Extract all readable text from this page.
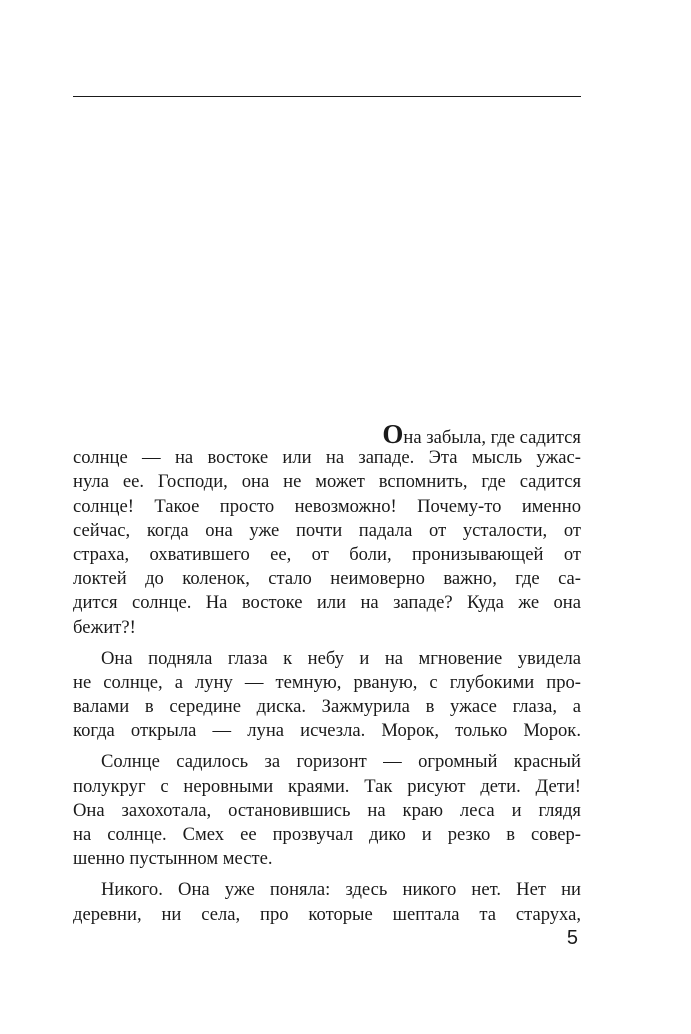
Она забыла, где садится
солнце — на востоке или на западе. Эта мысль ужас-
нула ее. Господи, она не может вспомнить, где садится
солнце! Такое просто невозможно! Почему-то именно
сейчас, когда она уже почти падала от усталости, от
страха, охватившего ее, от боли, пронизывающей от
локтей до коленок, стало неимоверно важно, где са-
дится солнце. На востоке или на западе? Куда же она
бежит?!
Она подняла глаза к небу и на мгновение увидела
не солнце, а луну — темную, рваную, с глубокими про-
валами в середине диска. Зажмурила в ужасе глаза, а
когда открыла — луна исчезла. Морок, только Морок.
Солнце садилось за горизонт — огромный красный
полукруг с неровными краями. Так рисуют дети. Дети!
Она захохотала, остановившись на краю леса и глядя
на солнце. Смех ее прозвучал дико и резко в совер-
шенно пустынном месте.
Никого. Она уже поняла: здесь никого нет. Нет ни
деревни, ни села, про которые шептала та старуха,
5
